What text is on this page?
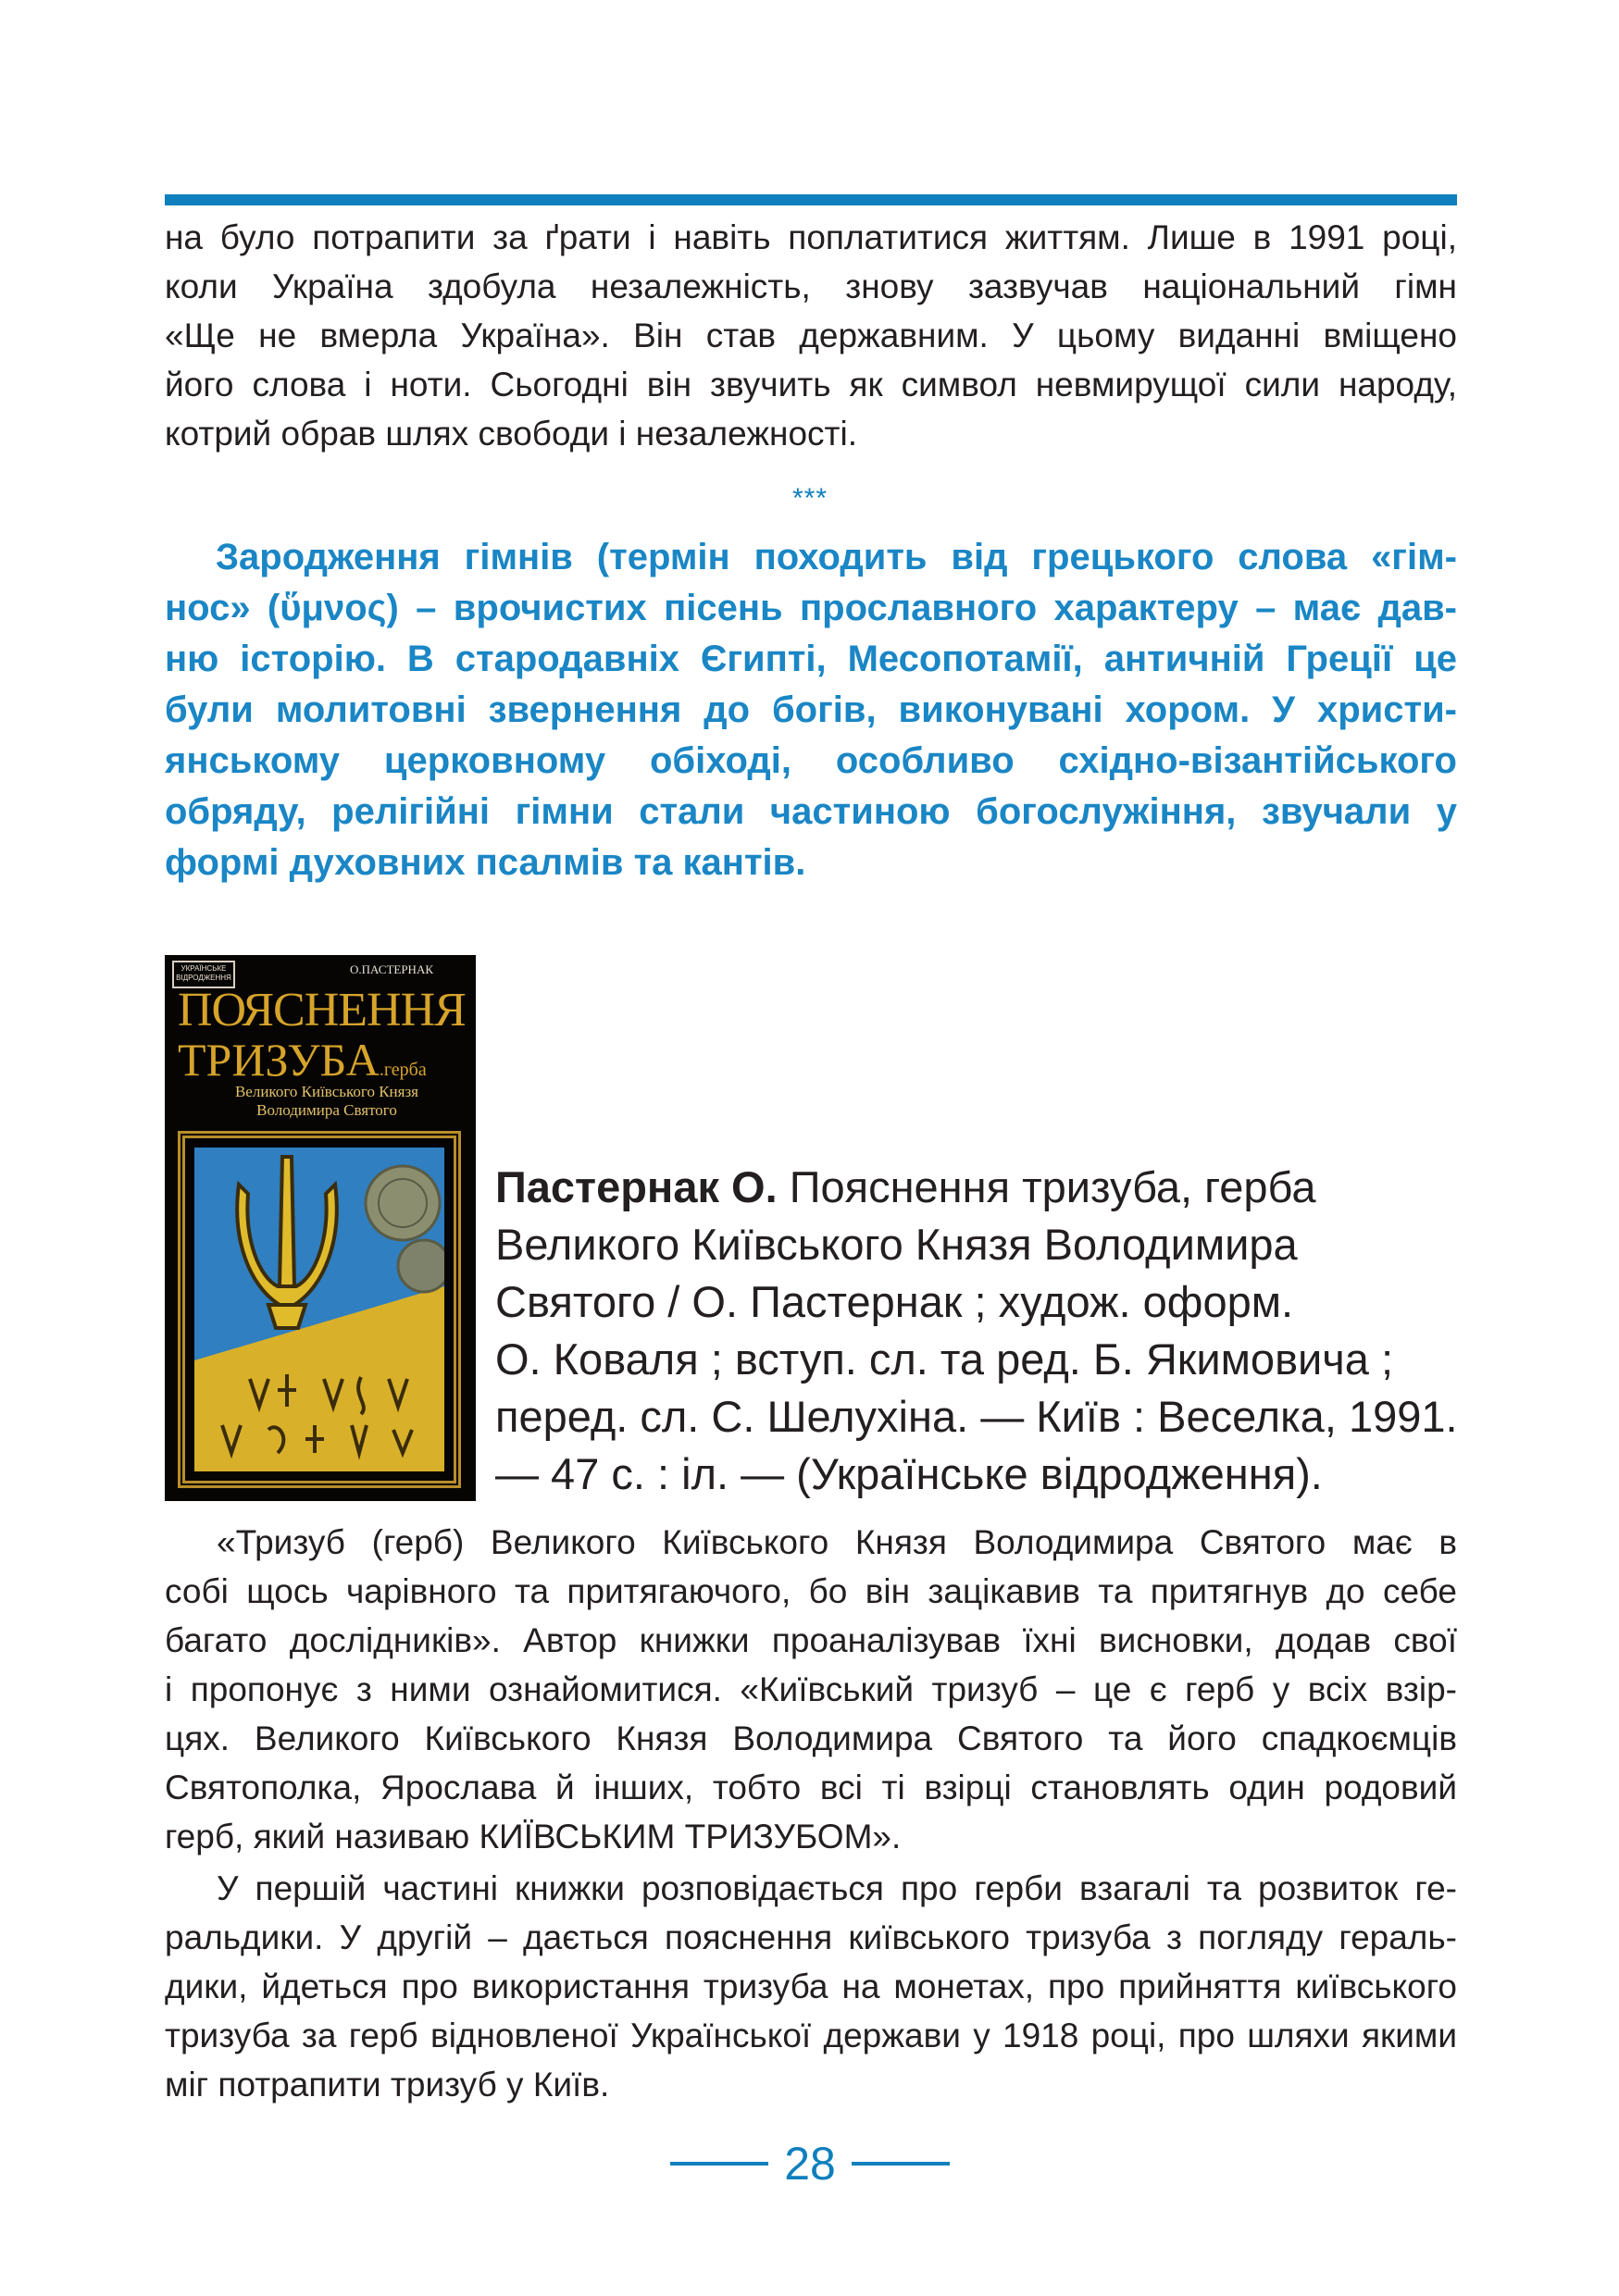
на було потрапити за ґрати і навіть поплатитися життям. Лише в 1991 році,
коли Україна здобула незалежність, знову зазвучав національний гімн
«Ще не вмерла Україна». Він став державним. У цьому виданні вміщено
його слова і ноти. Сьогодні він звучить як символ невмирущої сили народу,
котрий обрав шлях свободи і незалежності.

***

Зародження гімнів (термін походить від грецького слова «гім-
нос» (ὕμνος) – врочистих пісень прославного характеру – має дав-
ню історію. В стародавніх Єгипті, Месопотамії, античній Греції це
були молитовні звернення до богів, виконувані хором. У христи-
янському церковному обіході, особливо східно-візантійського
обряду, релігійні гімни стали частиною богослужіння, звучали у
формі духовних псалмів та кантів.

УКРАЇНСЬКЕ ВІДРОДЖЕННЯ
О.ПАСТЕРНАК
ПОЯСНЕННЯ
ТРИЗУБА.герба
Великого Київського Князя
Володимира Святого
Пастернак О. Пояснення тризуба, герба
Великого Київського Князя Володимира
Святого / О. Пастернак ; худож. оформ.
О. Коваля ; вступ. сл. та ред. Б. Якимовича ;
перед. сл. С. Шелухіна. — Київ : Веселка, 1991.
— 47 с. : іл. — (Українське відродження).

«Тризуб (герб) Великого Київського Князя Володимира Святого має в
собі щось чарівного та притягаючого, бо він зацікавив та притягнув до себе
багато дослідників». Автор книжки проаналізував їхні висновки, додав свої
і пропонує з ними ознайомитися. «Київський тризуб – це є герб у всіх взір-
цях. Великого Київського Князя Володимира Святого та його спадкоємців
Святополка, Ярослава й інших, тобто всі ті взірці становлять один родовий
герб, який називаю КИЇВСЬКИМ ТРИЗУБОМ».

У першій частині книжки розповідається про герби взагалі та розвиток ге-
ральдики. У другій – дається пояснення київського тризуба з погляду гераль-
дики, йдеться про використання тризуба на монетах, про прийняття київського
тризуба за герб відновленої Української держави у 1918 році, про шляхи якими
міг потрапити тризуб у Київ.

28
